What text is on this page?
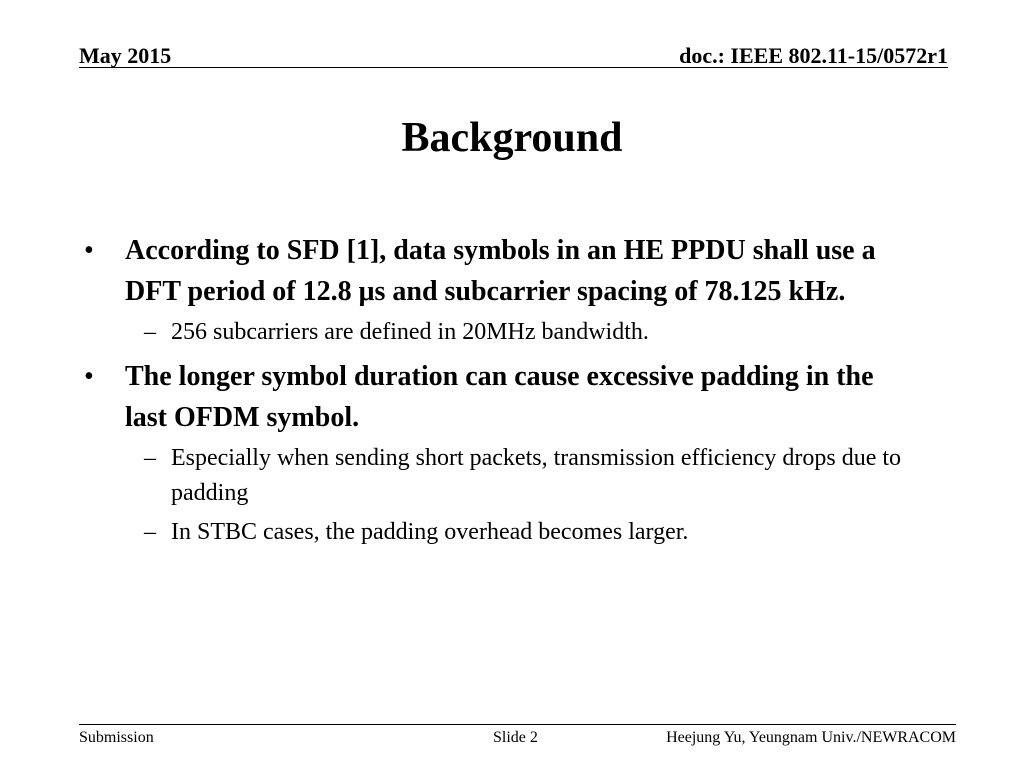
May 2015	doc.: IEEE 802.11-15/0572r1
Background
• According to SFD [1], data symbols in an HE PPDU shall use a DFT period of 12.8 μs and subcarrier spacing of 78.125 kHz.
– 256 subcarriers are defined in 20MHz bandwidth.
• The longer symbol duration can cause excessive padding in the last OFDM symbol.
– Especially when sending short packets, transmission efficiency drops due to padding
– In STBC cases, the padding overhead becomes larger.
Submission	Slide 2	Heejung Yu, Yeungnam Univ./NEWRACOM
